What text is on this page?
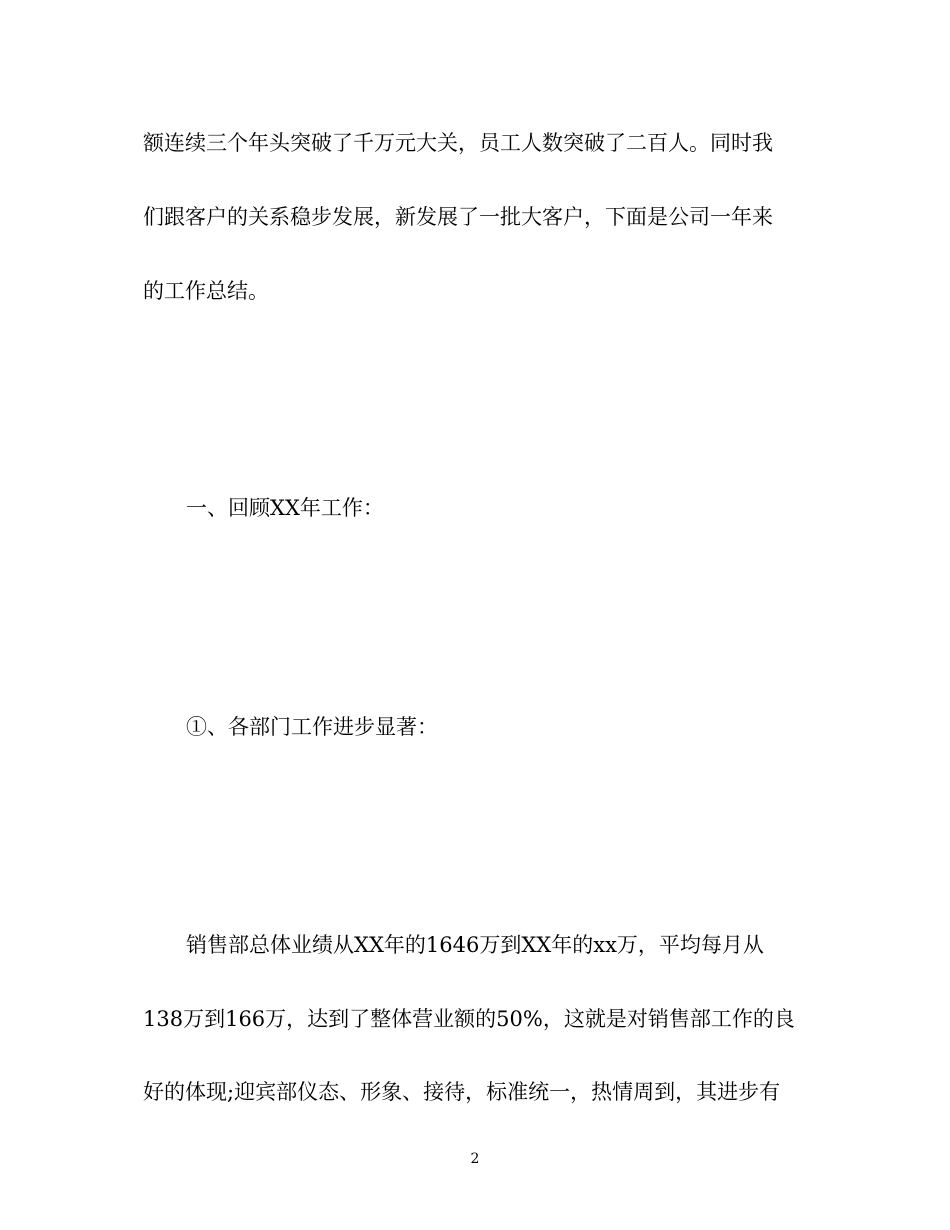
额连续三个年头突破了千万元大关，员工人数突破了二百人。同时我

们跟客户的关系稳步发展，新发展了一批大客户，下面是公司一年来

的工作总结。

一、回顾XX年工作：

①、各部门工作进步显著：

销售部总体业绩从XX年的1646万到XX年的xx万，平均每月从

138万到166万，达到了整体营业额的50%，这就是对销售部工作的良

好的体现;迎宾部仪态、形象、接待，标准统一，热情周到，其进步有

2
